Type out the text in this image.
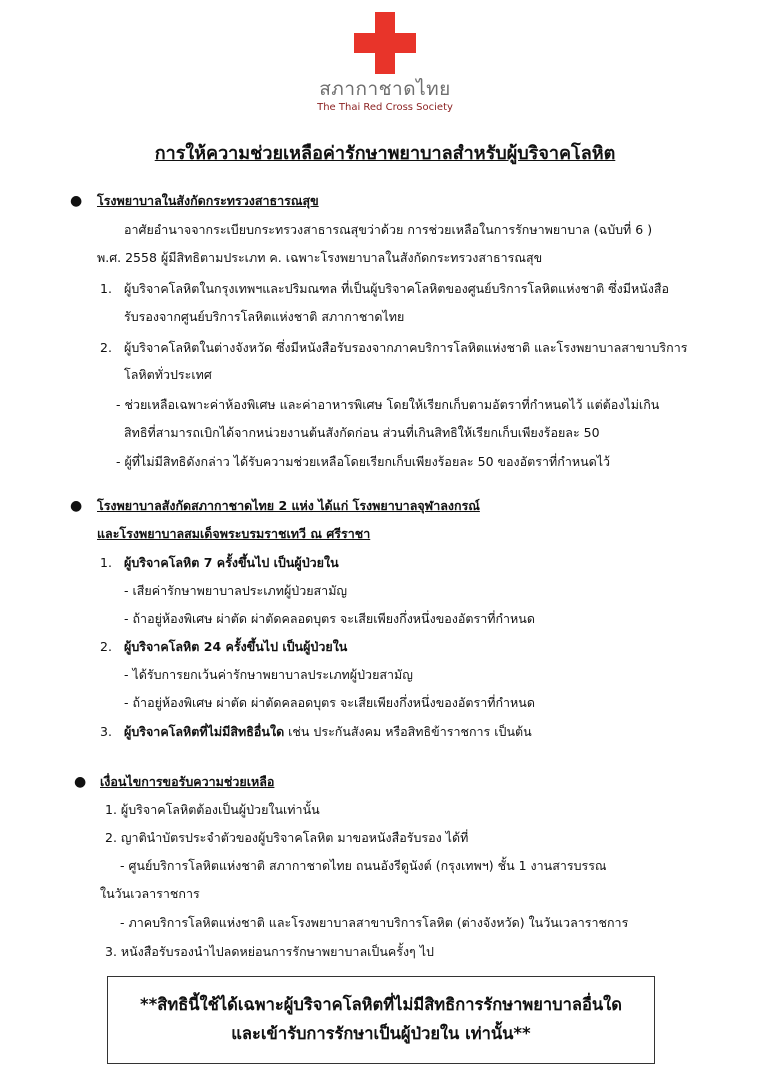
สภากาชาดไทย
The Thai Red Cross Society
การให้ความช่วยเหลือค่ารักษาพยาบาลสำหรับผู้บริจาคโลหิต
● โรงพยาบาลในสังกัดกระทรวงสาธารณสุข
อาศัยอำนาจจากระเบียบกระทรวงสาธารณสุขว่าด้วย การช่วยเหลือในการรักษาพยาบาล (ฉบับที่ 6 )
พ.ศ. 2558 ผู้มีสิทธิตามประเภท ค. เฉพาะโรงพยาบาลในสังกัดกระทรวงสาธารณสุข
1. ผู้บริจาคโลหิตในกรุงเทพฯและปริมณฑล ที่เป็นผู้บริจาคโลหิตของศูนย์บริการโลหิตแห่งชาติ ซึ่งมีหนังสือ
รับรองจากศูนย์บริการโลหิตแห่งชาติ สภากาชาดไทย
2. ผู้บริจาคโลหิตในต่างจังหวัด ซึ่งมีหนังสือรับรองจากภาคบริการโลหิตแห่งชาติ และโรงพยาบาลสาขาบริการ
โลหิตทั่วประเทศ
- ช่วยเหลือเฉพาะค่าห้องพิเศษ และค่าอาหารพิเศษ โดยให้เรียกเก็บตามอัตราที่กำหนดไว้ แต่ต้องไม่เกิน
สิทธิที่สามารถเบิกได้จากหน่วยงานต้นสังกัดก่อน ส่วนที่เกินสิทธิให้เรียกเก็บเพียงร้อยละ 50
- ผู้ที่ไม่มีสิทธิดังกล่าว ได้รับความช่วยเหลือโดยเรียกเก็บเพียงร้อยละ 50 ของอัตราที่กำหนดไว้
● โรงพยาบาลสังกัดสภากาชาดไทย 2 แห่ง ได้แก่ โรงพยาบาลจุฬาลงกรณ์
และโรงพยาบาลสมเด็จพระบรมราชเทวี ณ ศรีราชา
1. ผู้บริจาคโลหิต 7 ครั้งขึ้นไป เป็นผู้ป่วยใน
- เสียค่ารักษาพยาบาลประเภทผู้ป่วยสามัญ
- ถ้าอยู่ห้องพิเศษ ผ่าตัด ผ่าตัดคลอดบุตร จะเสียเพียงกึ่งหนึ่งของอัตราที่กำหนด
2. ผู้บริจาคโลหิต 24 ครั้งขึ้นไป เป็นผู้ป่วยใน
- ได้รับการยกเว้นค่ารักษาพยาบาลประเภทผู้ป่วยสามัญ
- ถ้าอยู่ห้องพิเศษ ผ่าตัด ผ่าตัดคลอดบุตร จะเสียเพียงกึ่งหนึ่งของอัตราที่กำหนด
3. ผู้บริจาคโลหิตที่ไม่มีสิทธิอื่นใด เช่น ประกันสังคม หรือสิทธิข้าราชการ เป็นต้น
● เงื่อนไขการขอรับความช่วยเหลือ
1. ผู้บริจาคโลหิตต้องเป็นผู้ป่วยในเท่านั้น
2. ญาตินำบัตรประจำตัวของผู้บริจาคโลหิต มาขอหนังสือรับรอง ได้ที่
- ศูนย์บริการโลหิตแห่งชาติ สภากาชาดไทย ถนนอังรีดูนังต์ (กรุงเทพฯ) ชั้น 1 งานสารบรรณ
ในวันเวลาราชการ
- ภาคบริการโลหิตแห่งชาติ และโรงพยาบาลสาขาบริการโลหิต (ต่างจังหวัด) ในวันเวลาราชการ
3. หนังสือรับรองนำไปลดหย่อนการรักษาพยาบาลเป็นครั้งๆ ไป
**สิทธินี้ใช้ได้เฉพาะผู้บริจาคโลหิตที่ไม่มีสิทธิการรักษาพยาบาลอื่นใด
และเข้ารับการรักษาเป็นผู้ป่วยใน เท่านั้น**
